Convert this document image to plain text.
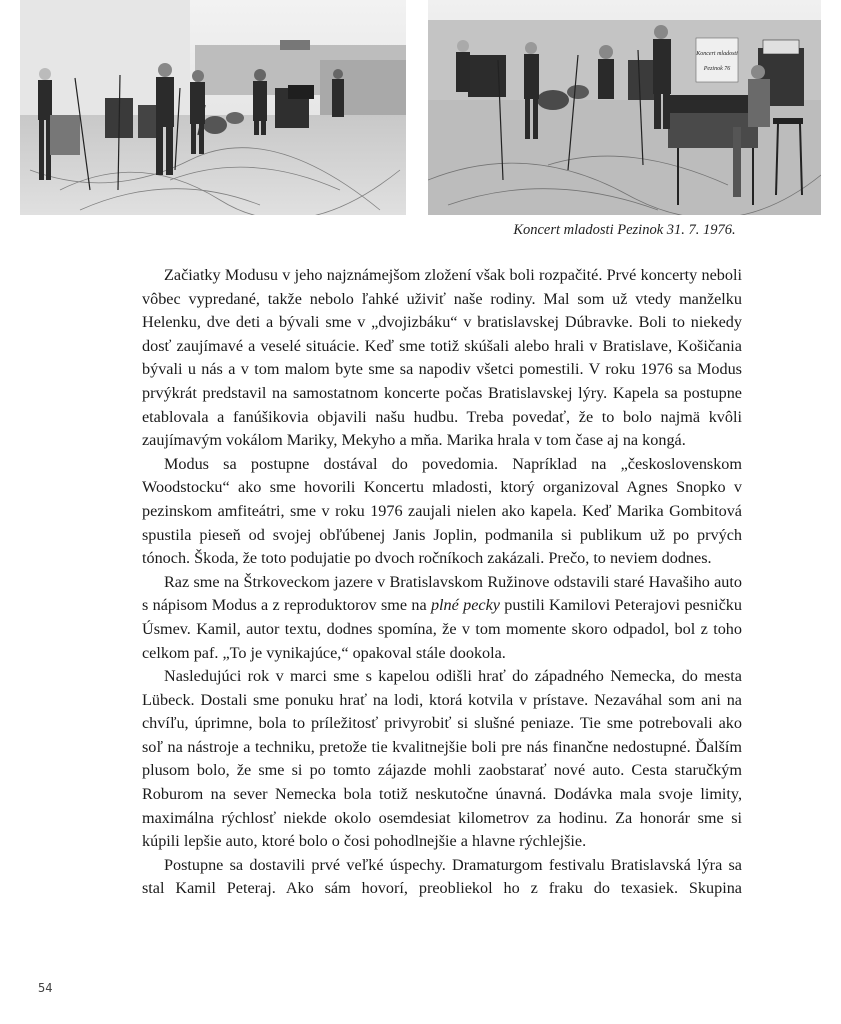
Koncert mladosti
Pezinok 76
Koncert mladosti Pezinok 31. 7. 1976.

Začiatky Modusu v jeho najznámejšom zložení však boli rozpačité. Prvé koncerty neboli vôbec vypredané, takže nebolo ľahké uživiť naše rodiny. Mal som už vtedy manželku Helenku, dve deti a bývali sme v „dvojizbáku“ v bratislavskej Dúbravke. Boli to niekedy dosť zaujímavé a veselé situácie. Keď sme totiž skúšali alebo hrali v Bratislave, Košičania bývali u nás a v tom malom byte sme sa napodiv všetci pomestili. V roku 1976 sa Modus prvýkrát predstavil na samostatnom koncerte počas Bratislavskej lýry. Kapela sa postupne etablovala a fanúšikovia objavili našu hudbu. Treba povedať, že to bolo najmä kvôli zaujímavým vokálom Mariky, Mekyho a mňa. Marika hrala v tom čase aj na kongá.

Modus sa postupne dostával do povedomia. Napríklad na „československom Woodstocku“ ako sme hovorili Koncertu mladosti, ktorý organizoval Agnes Snopko v pezinskom amfiteátri, sme v roku 1976 zaujali nielen ako kapela. Keď Marika Gombitová spustila pieseň od svojej obľúbenej Janis Joplin, podmanila si publikum už po prvých tónoch. Škoda, že toto podujatie po dvoch ročníkoch zakázali. Prečo, to neviem dodnes.

Raz sme na Štrkoveckom jazere v Bratislavskom Ružinove odstavili staré Havašiho auto s nápisom Modus a z reproduktorov sme na plné pecky pustili Kamilovi Peterajovi pesničku Úsmev. Kamil, autor textu, dodnes spomína, že v tom momente skoro odpadol, bol z toho celkom paf. „To je vynikajúce,“ opakoval stále dookola.

Nasledujúci rok v marci sme s kapelou odišli hrať do západného Nemecka, do mesta Lübeck. Dostali sme ponuku hrať na lodi, ktorá kotvila v prístave. Nezaváhal som ani na chvíľu, úprimne, bola to príležitosť privyrobiť si slušné peniaze. Tie sme potrebovali ako soľ na nástroje a techniku, pretože tie kvalitnejšie boli pre nás finančne nedostupné. Ďalším plusom bolo, že sme si po tomto zájazde mohli zaobstarať nové auto. Cesta staručkým Roburom na sever Nemecka bola totiž neskutočne únavná. Dodávka mala svoje limity, maximálna rýchlosť niekde okolo osemdesiat kilometrov za hodinu. Za honorár sme si kúpili lepšie auto, ktoré bolo o čosi pohodlnejšie a hlavne rýchlejšie.

Postupne sa dostavili prvé veľké úspechy. Dramaturgom festivalu Bratislavská lýra sa stal Kamil Peteraj. Ako sám hovorí, preobliekol ho z fraku do texasiek. Skupina

54
